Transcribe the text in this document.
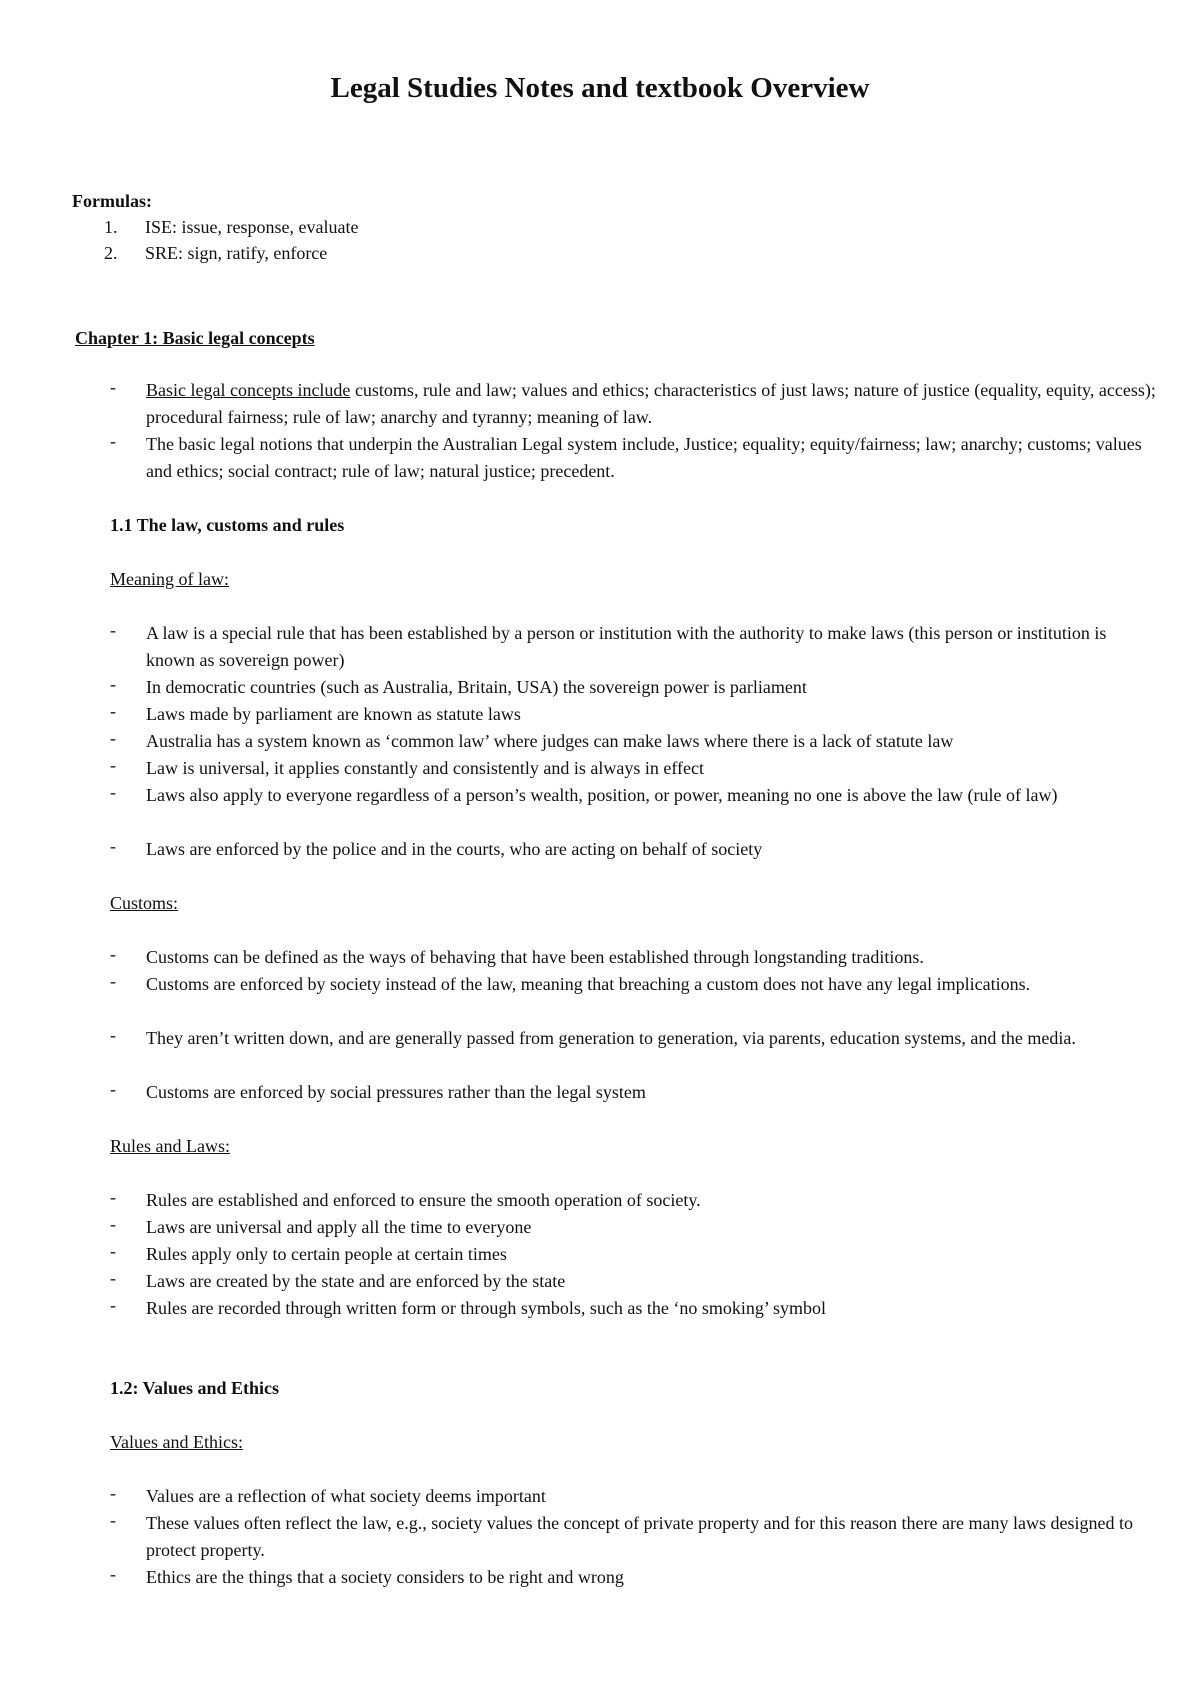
Legal Studies Notes and textbook Overview
Formulas:
1. ISE: issue, response, evaluate
2. SRE: sign, ratify, enforce
Chapter 1: Basic legal concepts
-	Basic legal concepts include customs, rule and law; values and ethics; characteristics of just laws; nature of justice (equality, equity, access); procedural fairness; rule of law; anarchy and tyranny; meaning of law.
-	The basic legal notions that underpin the Australian Legal system include, Justice; equality; equity/fairness; law; anarchy; customs; values and ethics; social contract; rule of law; natural justice; precedent.
1.1 The law, customs and rules
Meaning of law:
-	A law is a special rule that has been established by a person or institution with the authority to make laws (this person or institution is known as sovereign power)
-	In democratic countries (such as Australia, Britain, USA) the sovereign power is parliament
-	Laws made by parliament are known as statute laws
-	Australia has a system known as ‘common law’ where judges can make laws where there is a lack of statute law
-	Law is universal, it applies constantly and consistently and is always in effect
-	Laws also apply to everyone regardless of a person’s wealth, position, or power, meaning no one is above the law (rule of law)
-	Laws are enforced by the police and in the courts, who are acting on behalf of society
Customs:
-	Customs can be defined as the ways of behaving that have been established through longstanding traditions.
-	Customs are enforced by society instead of the law, meaning that breaching a custom does not have any legal implications.
-	They aren’t written down, and are generally passed from generation to generation, via parents, education systems, and the media.
-	Customs are enforced by social pressures rather than the legal system
Rules and Laws:
-	Rules are established and enforced to ensure the smooth operation of society.
-	Laws are universal and apply all the time to everyone
-	Rules apply only to certain people at certain times
-	Laws are created by the state and are enforced by the state
-	Rules are recorded through written form or through symbols, such as the ‘no smoking’ symbol
1.2: Values and Ethics
Values and Ethics:
-	Values are a reflection of what society deems important
-	These values often reflect the law, e.g., society values the concept of private property and for this reason there are many laws designed to protect property.
-	Ethics are the things that a society considers to be right and wrong
